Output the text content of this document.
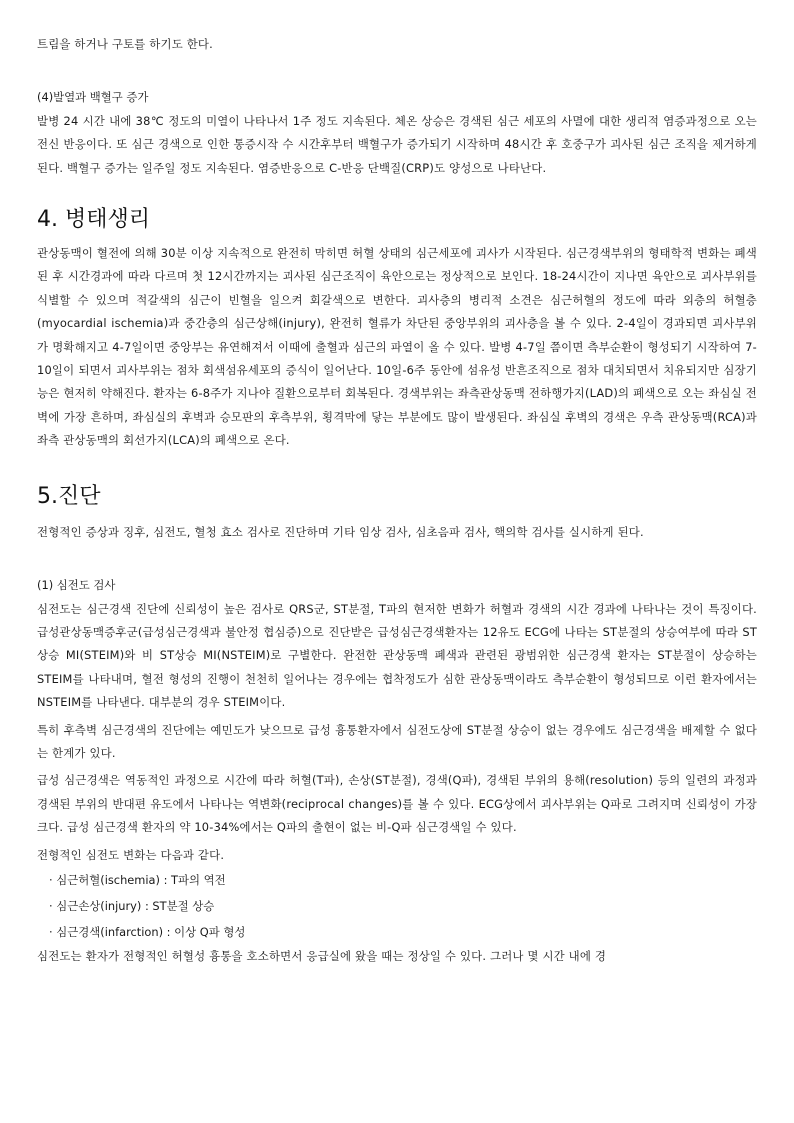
트림을 하거나 구토를 하기도 한다.

(4)발열과 백혈구 증가

발병 24 시간 내에 38℃ 정도의 미열이 나타나서 1주 정도 지속된다. 체온 상승은 경색된 심근 세포의 사멸에 대한 생리적 염증과정으로 오는 전신 반응이다. 또 심근 경색으로 인한 통증시작 수 시간후부터 백혈구가 증가되기 시작하며 48시간 후 호중구가 괴사된 심근 조직을 제거하게 된다. 백혈구 증가는 일주일 정도 지속된다. 염증반응으로 C-반응 단백질(CRP)도 양성으로 나타난다.

4. 병태생리

관상동맥이 혈전에 의해 30분 이상 지속적으로 완전히 막히면 허혈 상태의 심근세포에 괴사가 시작된다. 심근경색부위의 형태학적 변화는 폐색된 후 시간경과에 따라 다르며 첫 12시간까지는 괴사된 심근조직이 육안으로는 정상적으로 보인다. 18-24시간이 지나면 육안으로 괴사부위를 식별할 수 있으며 적갈색의 심근이 빈혈을 일으켜 회갈색으로 변한다. 괴사층의 병리적 소견은 심근허혈의 정도에 따라 외층의 허혈층(myocardial ischemia)과 중간층의 심근상해(injury), 완전히 혈류가 차단된 중앙부위의 괴사층을 볼 수 있다. 2-4일이 경과되면 괴사부위가 명확해지고 4-7일이면 중앙부는 유연해져서 이때에 출혈과 심근의 파열이 올 수 있다. 발병 4-7일 쯤이면 측부순환이 형성되기 시작하여 7-10일이 되면서 괴사부위는 점차 회색섬유세포의 증식이 일어난다. 10일-6주 동안에 섬유성 반흔조직으로 점차 대치되면서 치유되지만 심장기능은 현저히 약해진다. 환자는 6-8주가 지나야 질환으로부터 회복된다. 경색부위는 좌측관상동맥 전하행가지(LAD)의 폐색으로 오는 좌심실 전벽에 가장 흔하며, 좌심실의 후벽과 승모판의 후측부위, 횡격막에 닿는 부분에도 많이 발생된다. 좌심실 후벽의 경색은 우측 관상동맥(RCA)과 좌측 관상동맥의 회선가지(LCA)의 폐색으로 온다.

5.진단

전형적인 증상과 징후, 심전도, 혈청 효소 검사로 진단하며 기타 임상 검사, 심초음파 검사, 핵의학 검사를 실시하게 된다.

(1) 심전도 검사

심전도는 심근경색 진단에 신뢰성이 높은 검사로 QRS군, ST분절, T파의 현저한 변화가 허혈과 경색의 시간 경과에 나타나는 것이 특징이다. 급성관상동맥증후군(급성심근경색과 불안정 협심증)으로 진단받은 급성심근경색환자는 12유도 ECG에 나타는 ST분절의 상승여부에 따라 ST상승 MI(STEIM)와 비 ST상승 MI(NSTEIM)로 구별한다. 완전한 관상동맥 폐색과 관련된 광범위한 심근경색 환자는 ST분절이 상승하는 STEIM를 나타내며, 혈전 형성의 진행이 천천히 일어나는 경우에는 협착정도가 심한 관상동맥이라도 측부순환이 형성되므로 이런 환자에서는 NSTEIM를 나타낸다. 대부분의 경우 STEIM이다.

특히 후측벽 심근경색의 진단에는 예민도가 낮으므로 급성 흉통환자에서 심전도상에 ST분절 상승이 없는 경우에도 심근경색을 배제할 수 없다는 한계가 있다.

급성 심근경색은 역동적인 과정으로 시간에 따라 허혈(T파), 손상(ST분절), 경색(Q파), 경색된 부위의 용해(resolution) 등의 일련의 과정과 경색된 부위의 반대편 유도에서 나타나는 역변화(reciprocal changes)를 볼 수 있다. ECG상에서 괴사부위는 Q파로 그려지며 신뢰성이 가장 크다. 급성 심근경색 환자의 약 10-34%에서는 Q파의 출현이 없는 비-Q파 심근경색일 수 있다.

전형적인 심전도 변화는 다음과 같다.

· 심근허혈(ischemia) : T파의 역전
· 심근손상(injury) : ST분절 상승
· 심근경색(infarction) : 이상 Q파 형성

심전도는 환자가 전형적인 허혈성 흉통을 호소하면서 응급실에 왔을 때는 정상일 수 있다. 그러나 몇 시간 내에 경
